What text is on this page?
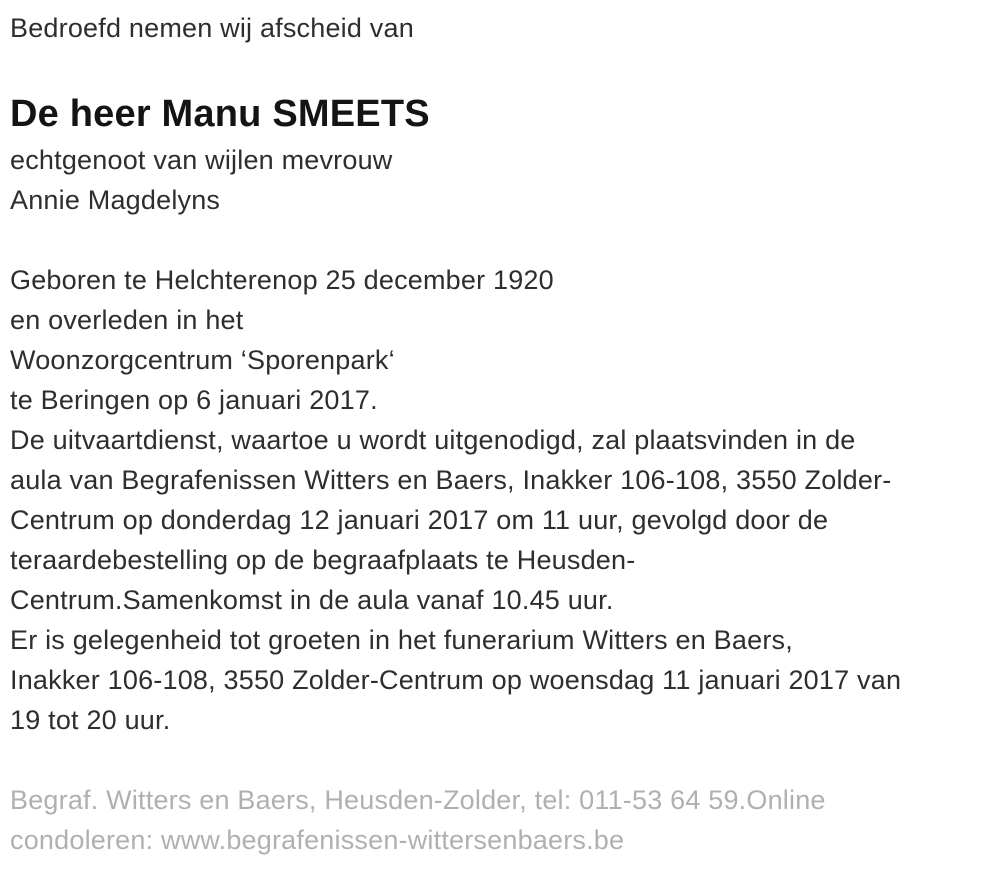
Bedroefd nemen wij afscheid van

De heer Manu SMEETS

echtgenoot van wijlen mevrouw

Annie Magdelyns

Geboren te Helchterenop 25 december 1920

en overleden in het

Woonzorgcentrum ‘Sporenpark‘

te Beringen op 6 januari 2017.

De uitvaartdienst, waartoe u wordt uitgenodigd, zal plaatsvinden in de

aula van Begrafenissen Witters en Baers, Inakker 106-108, 3550 Zolder-

Centrum op donderdag 12 januari 2017 om 11 uur, gevolgd door de

teraardebestelling op de begraafplaats te Heusden-

Centrum.Samenkomst in de aula vanaf 10.45 uur.

Er is gelegenheid tot groeten in het funerarium Witters en Baers,

Inakker 106-108, 3550 Zolder-Centrum op woensdag 11 januari 2017 van

19 tot 20 uur.

Begraf. Witters en Baers, Heusden-Zolder, tel: 011-53 64 59.Online

condoleren: www.begrafenissen-wittersenbaers.be
